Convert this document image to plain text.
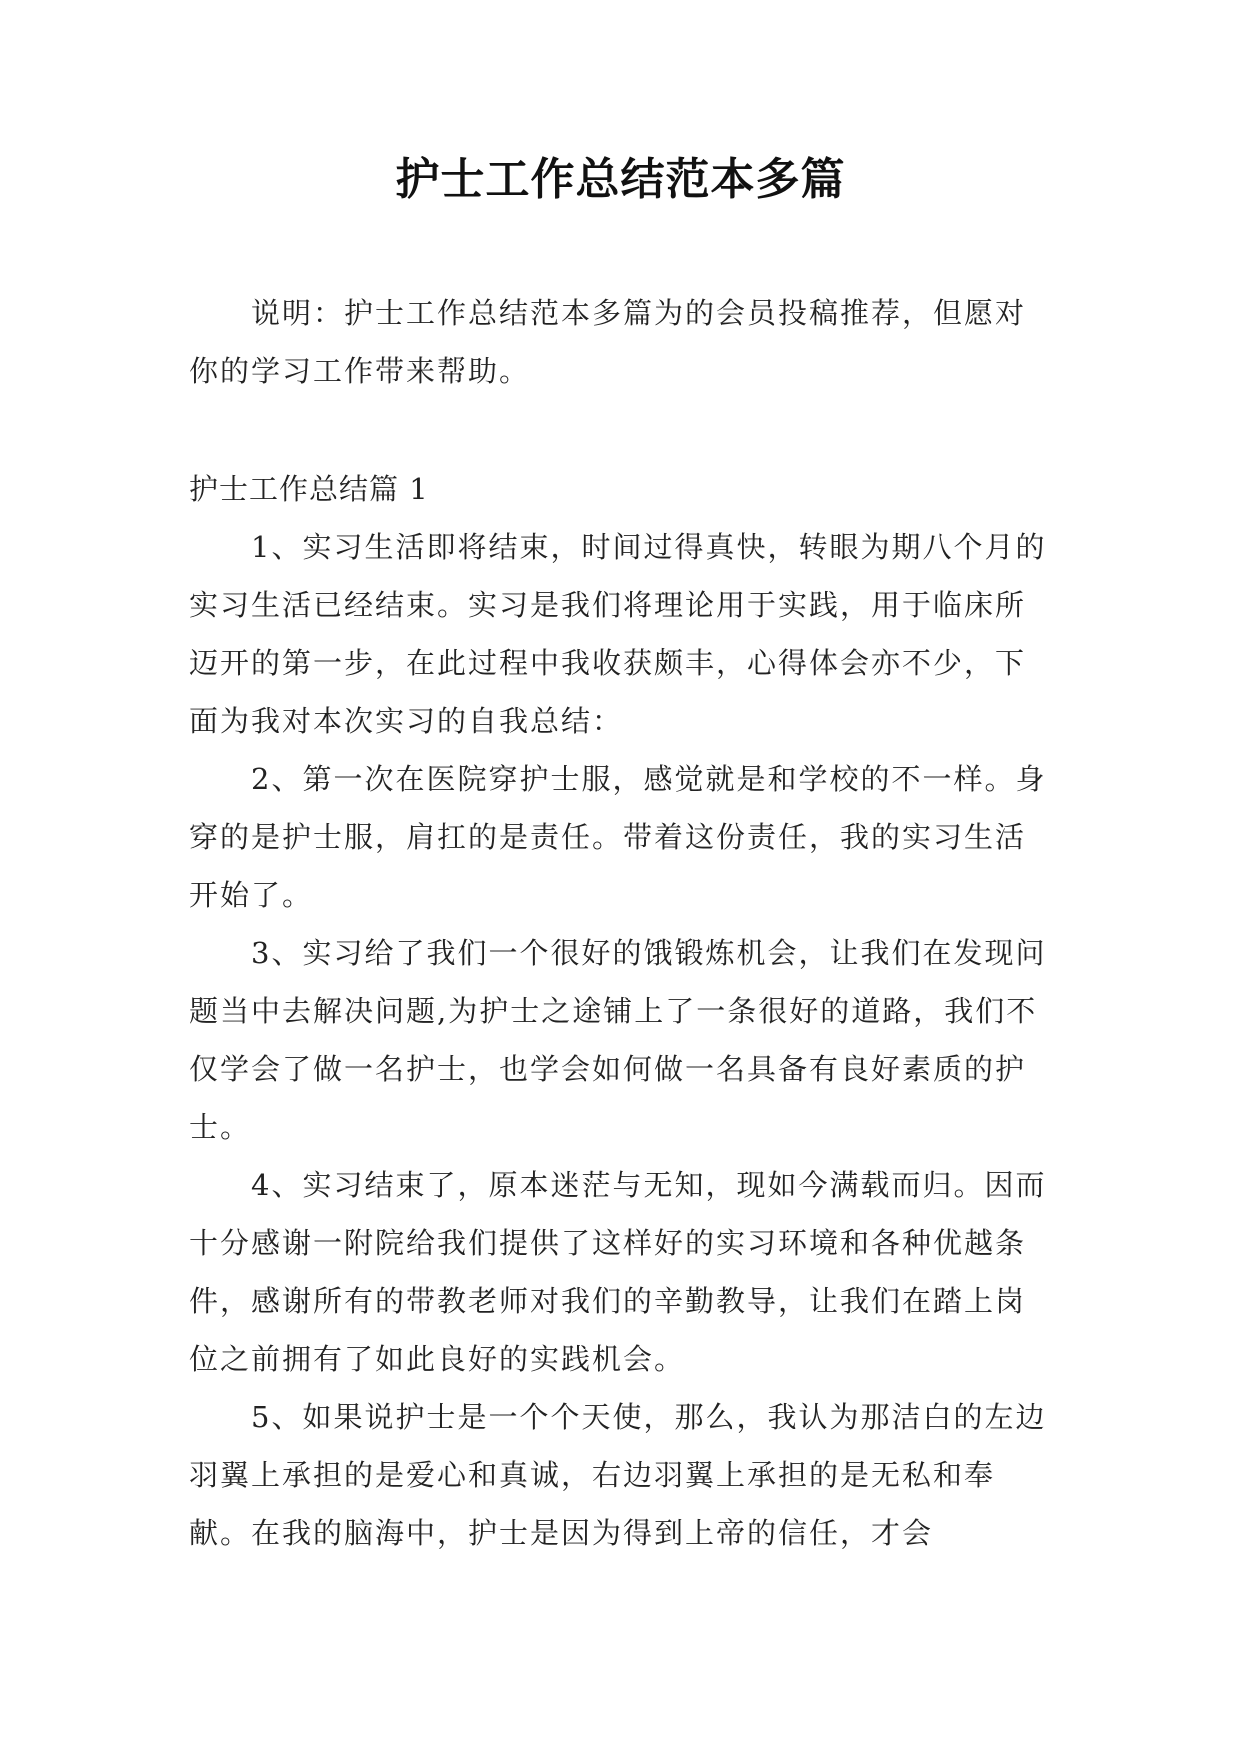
护士工作总结范本多篇

说明：护士工作总结范本多篇为的会员投稿推荐，但愿对你的学习工作带来帮助。

护士工作总结篇 1

1、实习生活即将结束，时间过得真快，转眼为期八个月的实习生活已经结束。实习是我们将理论用于实践，用于临床所迈开的第一步，在此过程中我收获颇丰，心得体会亦不少，下面为我对本次实习的自我总结：

2、第一次在医院穿护士服，感觉就是和学校的不一样。身穿的是护士服，肩扛的是责任。带着这份责任，我的实习生活开始了。

3、实习给了我们一个很好的饿锻炼机会，让我们在发现问题当中去解决问题,为护士之途铺上了一条很好的道路，我们不仅学会了做一名护士，也学会如何做一名具备有良好素质的护士。

4、实习结束了，原本迷茫与无知，现如今满载而归。因而十分感谢一附院给我们提供了这样好的实习环境和各种优越条件，感谢所有的带教老师对我们的辛勤教导，让我们在踏上岗位之前拥有了如此良好的实践机会。

5、如果说护士是一个个天使，那么，我认为那洁白的左边羽翼上承担的是爱心和真诚，右边羽翼上承担的是无私和奉献。在我的脑海中，护士是因为得到上帝的信任，才会
